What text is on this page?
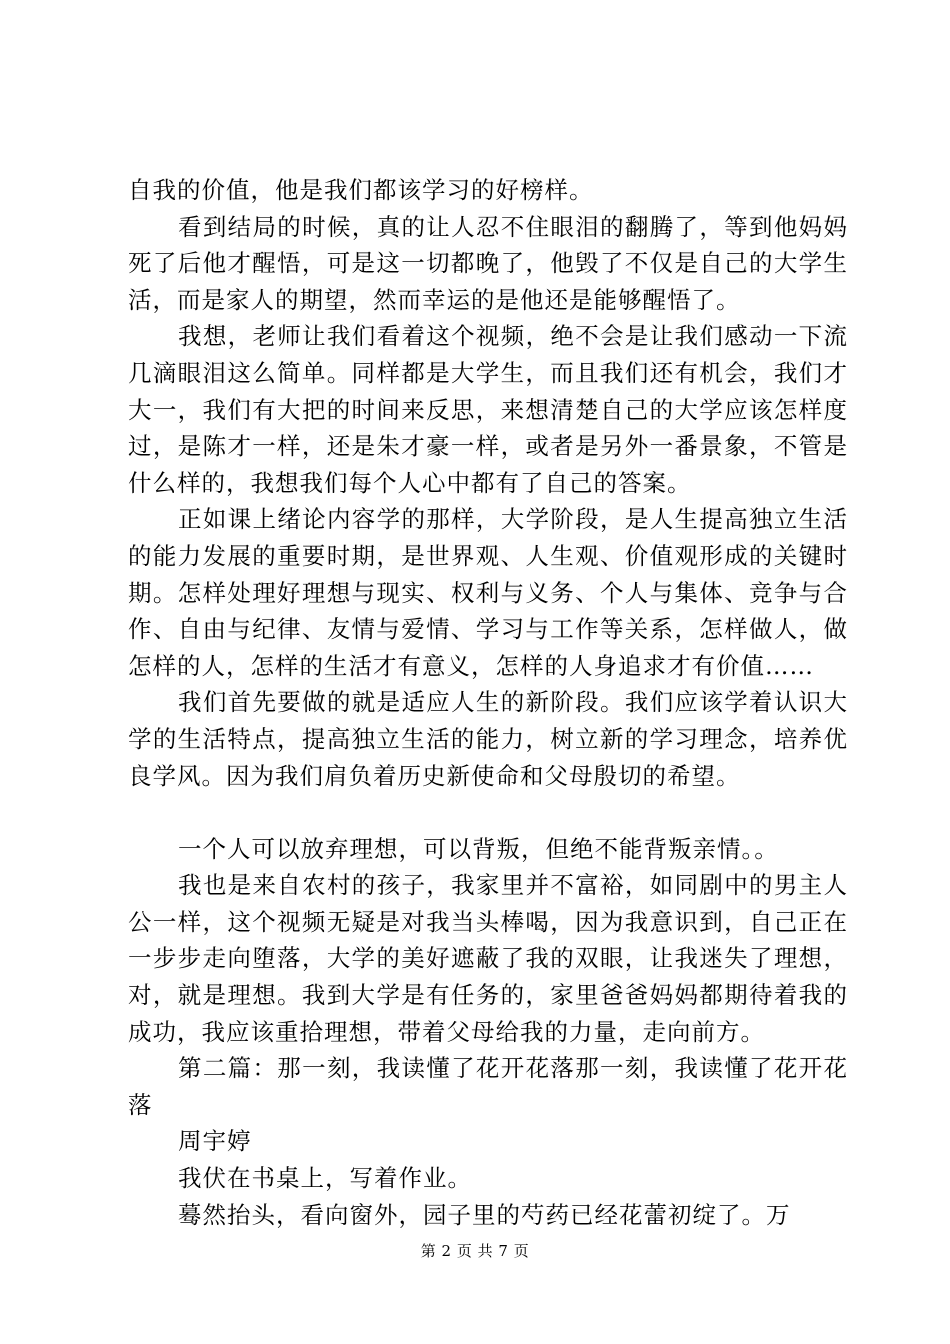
自我的价值，他是我们都该学习的好榜样。

看到结局的时候，真的让人忍不住眼泪的翻腾了，等到他妈妈死了后他才醒悟，可是这一切都晚了，他毁了不仅是自己的大学生活，而是家人的期望，然而幸运的是他还是能够醒悟了。

我想，老师让我们看着这个视频，绝不会是让我们感动一下流几滴眼泪这么简单。同样都是大学生，而且我们还有机会，我们才大一，我们有大把的时间来反思，来想清楚自己的大学应该怎样度过，是陈才一样，还是朱才豪一样，或者是另外一番景象，不管是什么样的，我想我们每个人心中都有了自己的答案。

正如课上绪论内容学的那样，大学阶段，是人生提高独立生活的能力发展的重要时期，是世界观、人生观、价值观形成的关键时期。怎样处理好理想与现实、权利与义务、个人与集体、竞争与合作、自由与纪律、友情与爱情、学习与工作等关系，怎样做人，做怎样的人，怎样的生活才有意义，怎样的人身追求才有价值……

我们首先要做的就是适应人生的新阶段。我们应该学着认识大学的生活特点，提高独立生活的能力，树立新的学习理念，培养优良学风。因为我们肩负着历史新使命和父母殷切的希望。

一个人可以放弃理想，可以背叛，但绝不能背叛亲情。。

我也是来自农村的孩子，我家里并不富裕，如同剧中的男主人公一样，这个视频无疑是对我当头棒喝，因为我意识到，自己正在一步步走向堕落，大学的美好遮蔽了我的双眼，让我迷失了理想，对，就是理想。我到大学是有任务的，家里爸爸妈妈都期待着我的成功，我应该重拾理想，带着父母给我的力量，走向前方。

第二篇：那一刻，我读懂了花开花落那一刻，我读懂了花开花落

周宇婷

我伏在书桌上，写着作业。

蓦然抬头，看向窗外，园子里的芍药已经花蕾初绽了。万

第 2 页 共 7 页
